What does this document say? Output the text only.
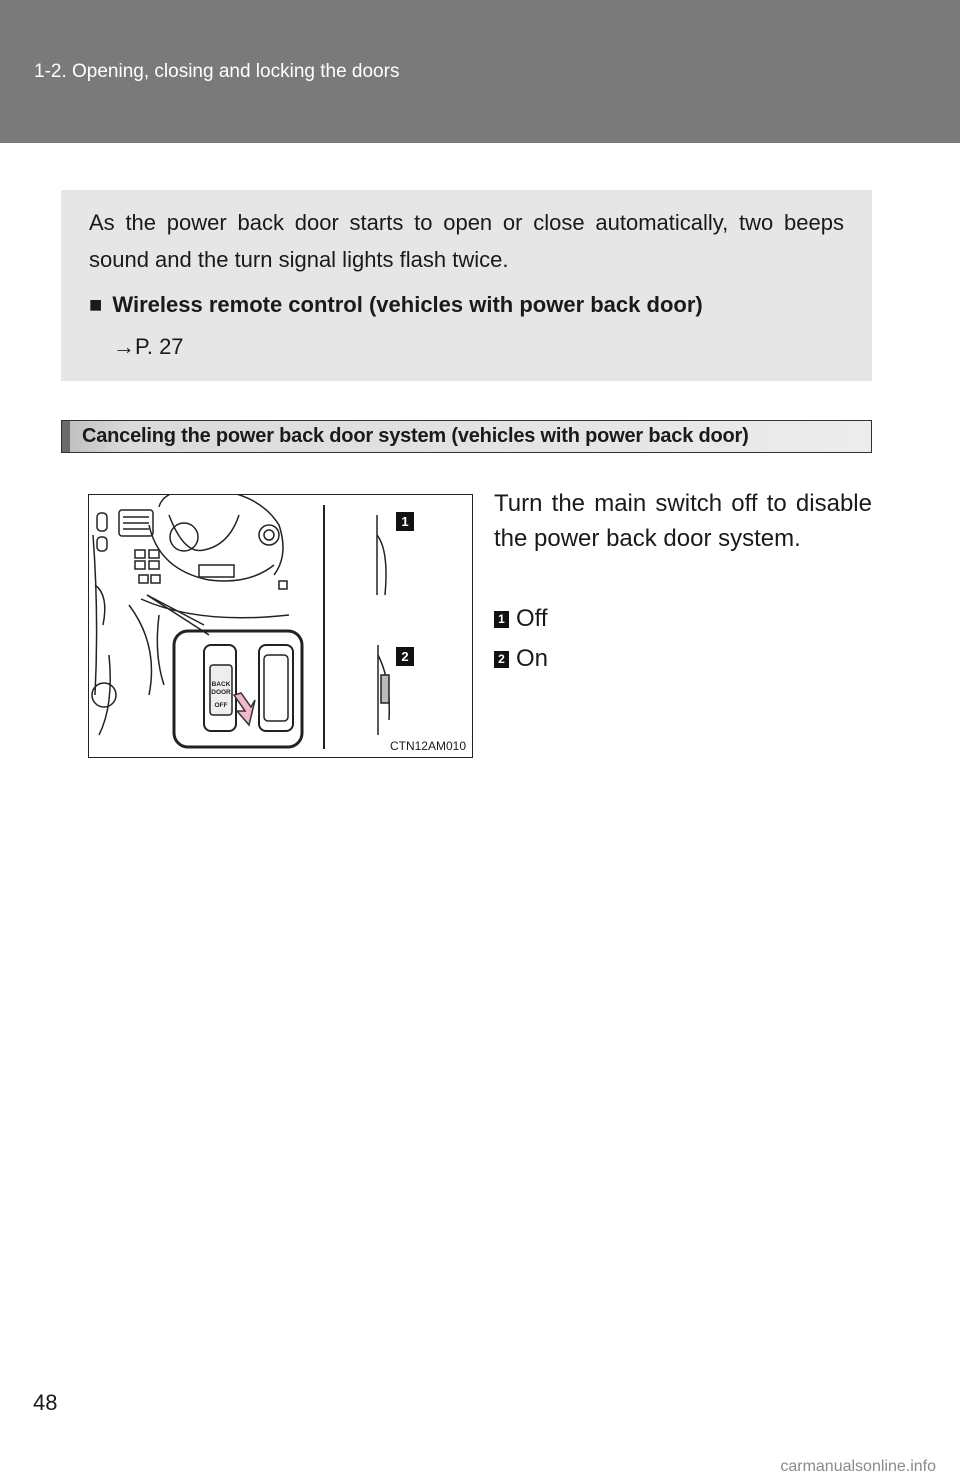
1-2. Opening, closing and locking the doors

As the power back door starts to open or close automatically, two beeps sound and the turn signal lights flash twice.

■ Wireless remote control (vehicles with power back door)
→P. 27
Canceling the power back door system (vehicles with power back door)
BACK
DOOR
OFF
1
2
CTN12AM010

Turn the main switch off to disable the power back door system.

1 Off
2 On
48
carmanualsonline.info
